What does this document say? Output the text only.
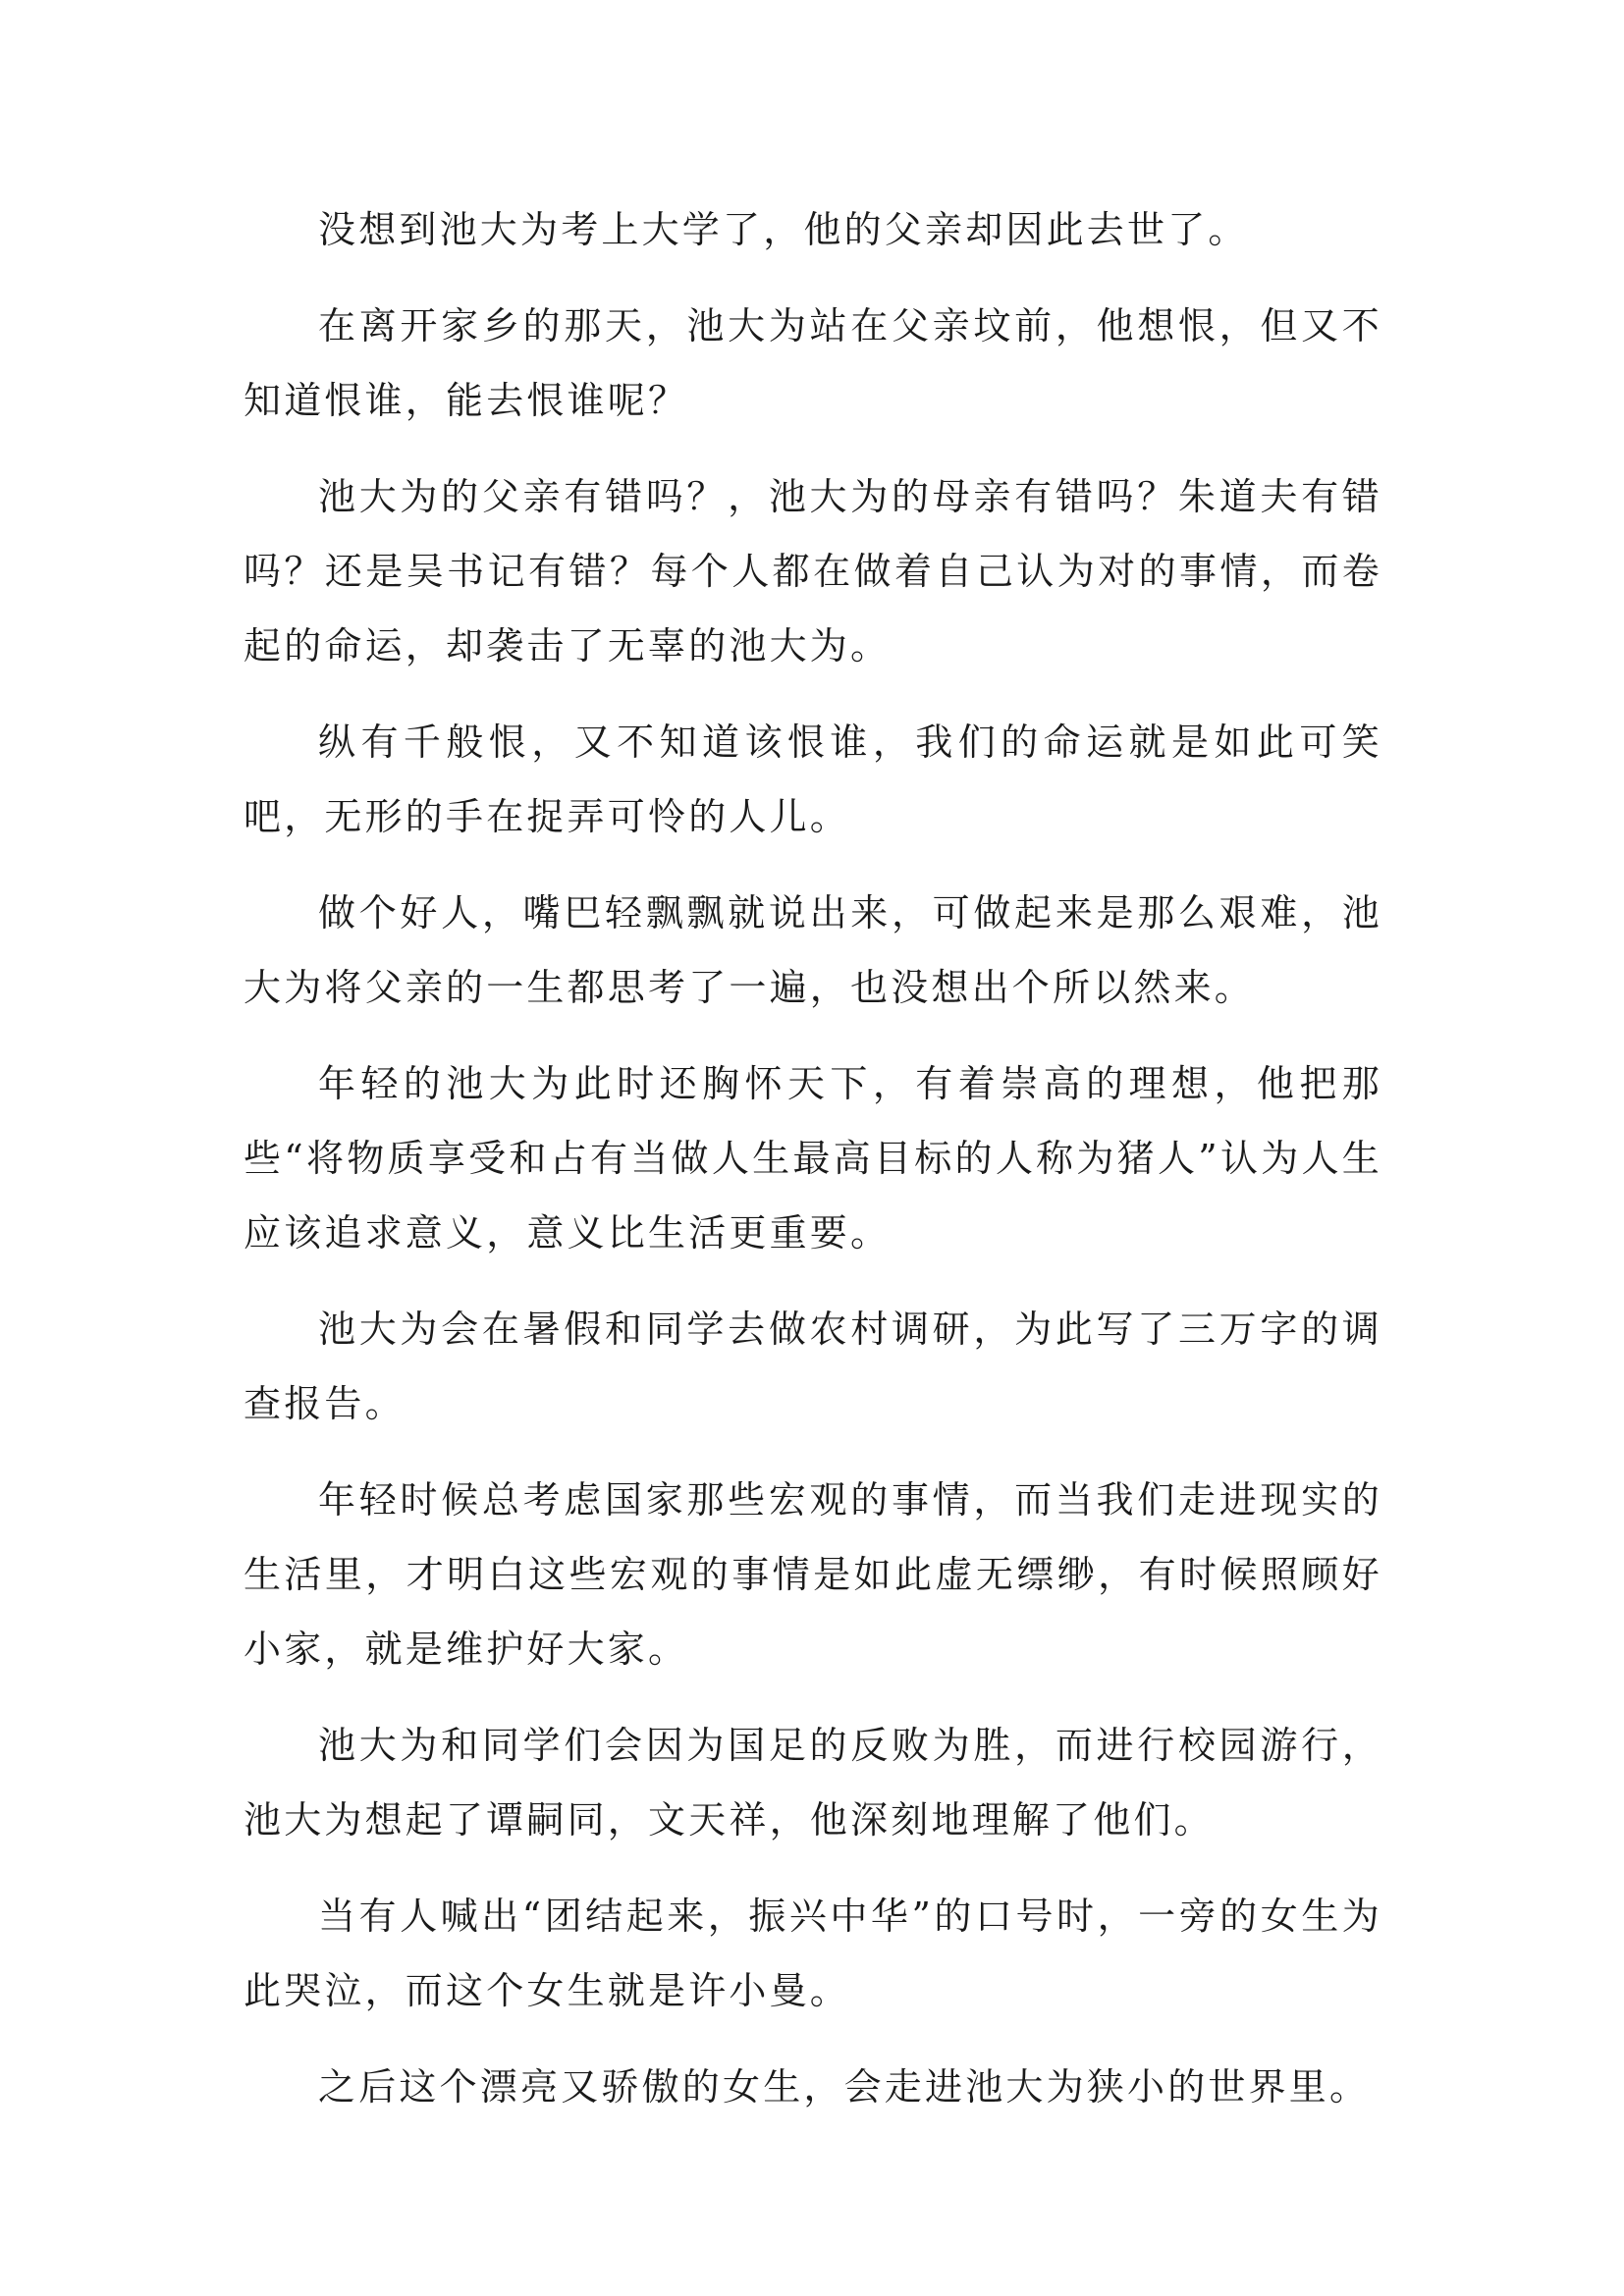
没想到池大为考上大学了，他的父亲却因此去世了。

在离开家乡的那天，池大为站在父亲坟前，他想恨，但又不知道恨谁，能去恨谁呢？

池大为的父亲有错吗？，池大为的母亲有错吗？朱道夫有错吗？还是吴书记有错？每个人都在做着自己认为对的事情，而卷起的命运，却袭击了无辜的池大为。

纵有千般恨，又不知道该恨谁，我们的命运就是如此可笑吧，无形的手在捉弄可怜的人儿。

做个好人，嘴巴轻飘飘就说出来，可做起来是那么艰难，池大为将父亲的一生都思考了一遍，也没想出个所以然来。

年轻的池大为此时还胸怀天下，有着崇高的理想，他把那些“将物质享受和占有当做人生最高目标的人称为猪人”认为人生应该追求意义，意义比生活更重要。

池大为会在暑假和同学去做农村调研，为此写了三万字的调查报告。

年轻时候总考虑国家那些宏观的事情，而当我们走进现实的生活里，才明白这些宏观的事情是如此虚无缥缈，有时候照顾好小家，就是维护好大家。

池大为和同学们会因为国足的反败为胜，而进行校园游行，池大为想起了谭嗣同，文天祥，他深刻地理解了他们。

当有人喊出“团结起来，振兴中华”的口号时，一旁的女生为此哭泣，而这个女生就是许小曼。

之后这个漂亮又骄傲的女生，会走进池大为狭小的世界里。
